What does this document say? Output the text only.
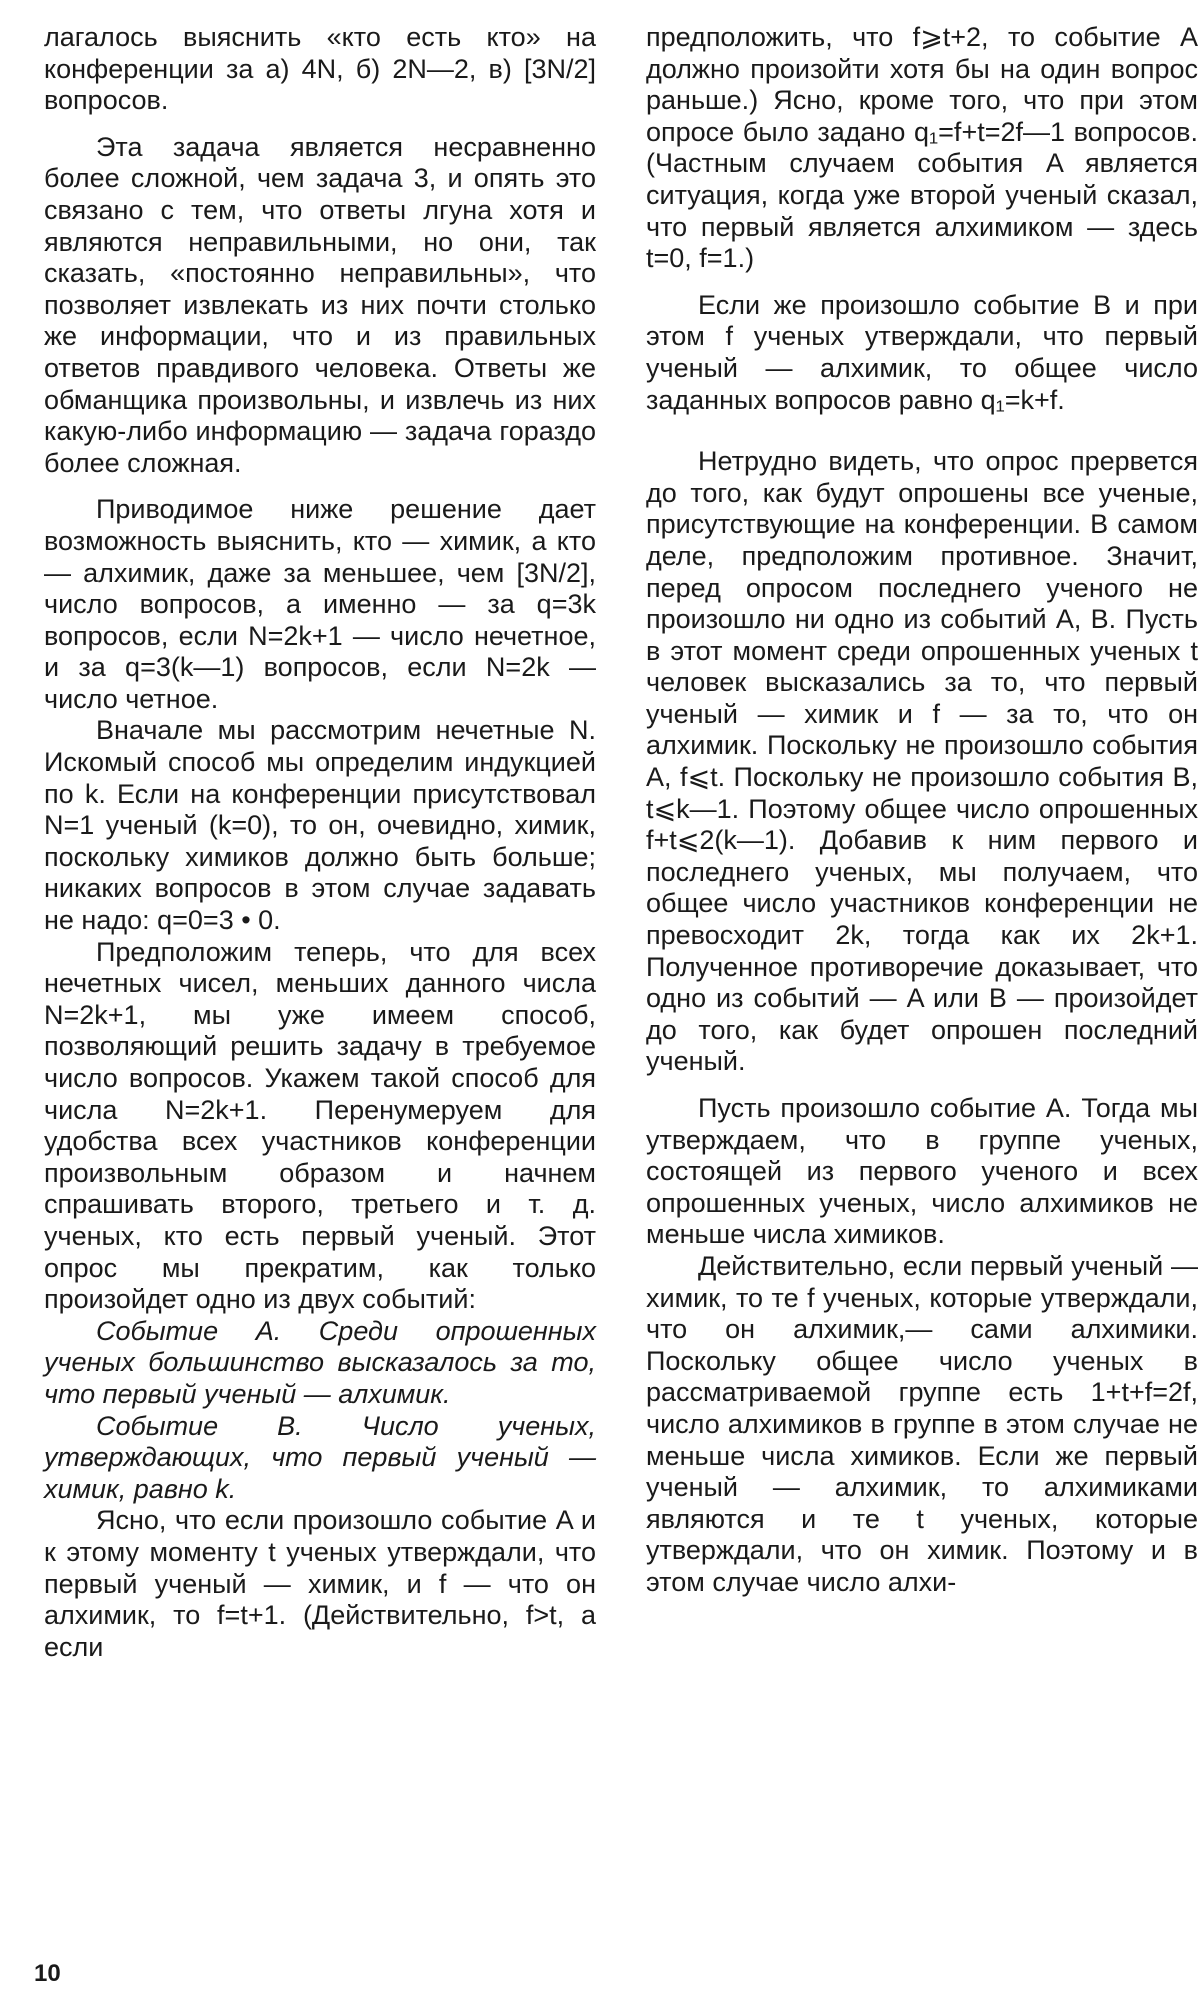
лагалось выяснить «кто есть кто» на конференции за а) 4N, б) 2N—2, в) [3N/2] вопросов.

Эта задача является несравненно более сложной, чем задача 3, и опять это связано с тем, что ответы лгуна хотя и являются неправильными, но они, так сказать, «постоянно неправильны», что позволяет извлекать из них почти столько же информации, что и из правильных ответов правдивого человека. Ответы же обманщика произвольны, и извлечь из них какую-либо информацию — задача гораздо более сложная.

Приводимое ниже решение дает возможность выяснить, кто — химик, а кто — алхимик, даже за меньшее, чем [3N/2], число вопросов, а именно — за q=3k вопросов, если N=2k+1 — число нечетное, и за q=3(k—1) вопросов, если N=2k — число четное.

Вначале мы рассмотрим нечетные N. Искомый способ мы определим индукцией по k. Если на конференции присутствовал N=1 ученый (k=0), то он, очевидно, химик, поскольку химиков должно быть больше; никаких вопросов в этом случае задавать не надо: q=0=3 • 0.

Предположим теперь, что для всех нечетных чисел, меньших данного числа N=2k+1, мы уже имеем способ, позволяющий решить задачу в требуемое число вопросов. Укажем такой способ для числа N=2k+1. Перенумеруем для удобства всех участников конференции произвольным образом и начнем спрашивать второго, третьего и т. д. ученых, кто есть первый ученый. Этот опрос мы прекратим, как только произойдет одно из двух событий:

Событие А. Среди опрошенных ученых большинство высказалось за то, что первый ученый — алхимик.

Событие В. Число ученых, утверждающих, что первый ученый — химик, равно k.

Ясно, что если произошло событие A и к этому моменту t ученых утверждали, что первый ученый — химик, и f — что он алхимик, то f=t+1. (Действительно, f>t, а если

предположить, что f⩾t+2, то событие A должно произойти хотя бы на один вопрос раньше.) Ясно, кроме того, что при этом опросе было задано q₁=f+t=2f—1 вопросов. (Частным случаем события A является ситуация, когда уже второй ученый сказал, что первый является алхимиком — здесь t=0, f=1.)

Если же произошло событие B и при этом f ученых утверждали, что первый ученый — алхимик, то общее число заданных вопросов равно q₁=k+f.

Нетрудно видеть, что опрос прервется до того, как будут опрошены все ученые, присутствующие на конференции. В самом деле, предположим противное. Значит, перед опросом последнего ученого не произошло ни одно из событий A, B. Пусть в этот момент среди опрошенных ученых t человек высказались за то, что первый ученый — химик и f — за то, что он алхимик. Поскольку не произошло события A, f⩽t. Поскольку не произошло события B, t⩽k—1. Поэтому общее число опрошенных f+t⩽2(k—1). Добавив к ним первого и последнего ученых, мы получаем, что общее число участников конференции не превосходит 2k, тогда как их 2k+1. Полученное противоречие доказывает, что одно из событий — A или B — произойдет до того, как будет опрошен последний ученый.

Пусть произошло событие A. Тогда мы утверждаем, что в группе ученых, состоящей из первого ученого и всех опрошенных ученых, число алхимиков не меньше числа химиков.

Действительно, если первый ученый — химик, то те f ученых, которые утверждали, что он алхимик,— сами алхимики. Поскольку общее число ученых в рассматриваемой группе есть 1+t+f=2f, число алхимиков в группе в этом случае не меньше числа химиков. Если же первый ученый — алхимик, то алхимиками являются и те t ученых, которые утверждали, что он химик. Поэтому и в этом случае число алхи-

10
